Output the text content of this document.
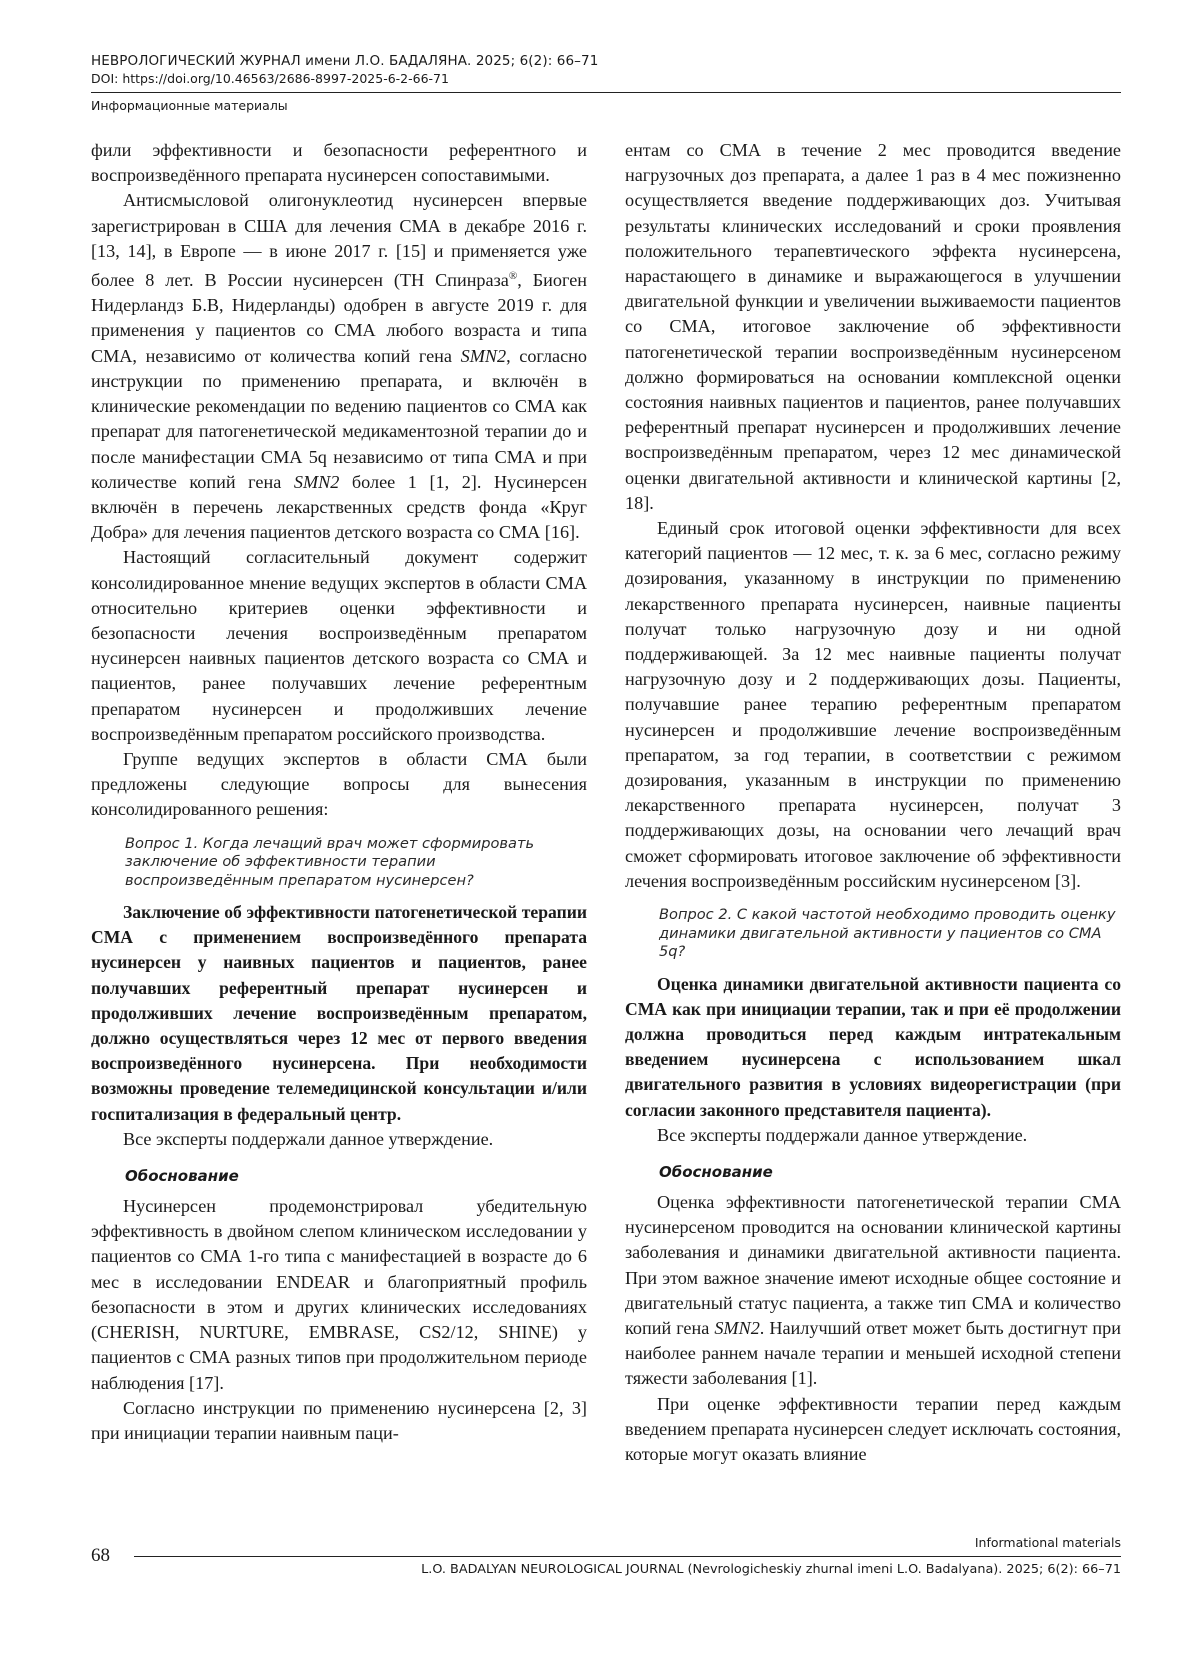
НЕВРОЛОГИЧЕСКИЙ ЖУРНАЛ имени Л.О. БАДАЛЯНА. 2025; 6(2): 66–71
DOI: https://doi.org/10.46563/2686-8997-2025-6-2-66-71
Информационные материалы

фили эффективности и безопасности референтного и воспроизведённого препарата нусинерсен сопоставимыми.

Антисмысловой олигонуклеотид нусинерсен впервые зарегистрирован в США для лечения СМА в декабре 2016 г. [13, 14], в Европе — в июне 2017 г. [15] и применяется уже более 8 лет. В России нусинерсен (ТН Спинраза®, Биоген Нидерландз Б.В, Нидерланды) одобрен в августе 2019 г. для применения у пациентов со СМА любого возраста и типа СМА, независимо от количества копий гена SMN2, согласно инструкции по применению препарата, и включён в клинические рекомендации по ведению пациентов со СМА как препарат для патогенетической медикаментозной терапии до и после манифестации СМА 5q независимо от типа СМА и при количестве копий гена SMN2 более 1 [1, 2]. Нусинерсен включён в перечень лекарственных средств фонда «Круг Добра» для лечения пациентов детского возраста со СМА [16].

Настоящий согласительный документ содержит консолидированное мнение ведущих экспертов в области СМА относительно критериев оценки эффективности и безопасности лечения воспроизведённым препаратом нусинерсен наивных пациентов детского возраста со СМА и пациентов, ранее получавших лечение референтным препаратом нусинерсен и продолживших лечение воспроизведённым препаратом российского производства.

Группе ведущих экспертов в области СМА были предложены следующие вопросы для вынесения консолидированного решения:

Вопрос 1. Когда лечащий врач может сформировать заключение об эффективности терапии воспроизведённым препаратом нусинерсен?

Заключение об эффективности патогенетической терапии СМА с применением воспроизведённого препарата нусинерсен у наивных пациентов и пациентов, ранее получавших референтный препарат нусинерсен и продолживших лечение воспроизведённым препаратом, должно осуществляться через 12 мес от первого введения воспроизведённого нусинерсена. При необходимости возможны проведение телемедицинской консультации и/или госпитализация в федеральный центр.

Все эксперты поддержали данное утверждение.

Обоснование

Нусинерсен продемонстрировал убедительную эффективность в двойном слепом клиническом исследовании у пациентов со СМА 1-го типа с манифестацией в возрасте до 6 мес в исследовании ENDEAR и благоприятный профиль безопасности в этом и других клинических исследованиях (CHERISH, NURTURE, EMBRASE, CS2/12, SHINE) у пациентов с СМА разных типов при продолжительном периоде наблюдения [17].

Согласно инструкции по применению нусинерсена [2, 3] при инициации терапии наивным паци-

ентам со СМА в течение 2 мес проводится введение нагрузочных доз препарата, а далее 1 раз в 4 мес пожизненно осуществляется введение поддерживающих доз. Учитывая результаты клинических исследований и сроки проявления положительного терапевтического эффекта нусинерсена, нарастающего в динамике и выражающегося в улучшении двигательной функции и увеличении выживаемости пациентов со СМА, итоговое заключение об эффективности патогенетической терапии воспроизведённым нусинерсеном должно формироваться на основании комплексной оценки состояния наивных пациентов и пациентов, ранее получавших референтный препарат нусинерсен и продолживших лечение воспроизведённым препаратом, через 12 мес динамической оценки двигательной активности и клинической картины [2, 18].

Единый срок итоговой оценки эффективности для всех категорий пациентов — 12 мес, т. к. за 6 мес, согласно режиму дозирования, указанному в инструкции по применению лекарственного препарата нусинерсен, наивные пациенты получат только нагрузочную дозу и ни одной поддерживающей. За 12 мес наивные пациенты получат нагрузочную дозу и 2 поддерживающих дозы. Пациенты, получавшие ранее терапию референтным препаратом нусинерсен и продолжившие лечение воспроизведённым препаратом, за год терапии, в соответствии с режимом дозирования, указанным в инструкции по применению лекарственного препарата нусинерсен, получат 3 поддерживающих дозы, на основании чего лечащий врач сможет сформировать итоговое заключение об эффективности лечения воспроизведённым российским нусинерсеном [3].

Вопрос 2. С какой частотой необходимо проводить оценку динамики двигательной активности у пациентов со СМА 5q?

Оценка динамики двигательной активности пациента со СМА как при инициации терапии, так и при её продолжении должна проводиться перед каждым интратекальным введением нусинерсена с использованием шкал двигательного развития в условиях видеорегистрации (при согласии законного представителя пациента).

Все эксперты поддержали данное утверждение.

Обоснование

Оценка эффективности патогенетической терапии СМА нусинерсеном проводится на основании клинической картины заболевания и динамики двигательной активности пациента. При этом важное значение имеют исходные общее состояние и двигательный статус пациента, а также тип СМА и количество копий гена SMN2. Наилучший ответ может быть достигнут при наиболее раннем начале терапии и меньшей исходной степени тяжести заболевания [1].

При оценке эффективности терапии перед каждым введением препарата нусинерсен следует исключать состояния, которые могут оказать влияние

68
Informational materials
L.O. BADALYAN NEUROLOGICAL JOURNAL (Nevrologicheskiy zhurnal imeni L.O. Badalyana). 2025; 6(2): 66–71
